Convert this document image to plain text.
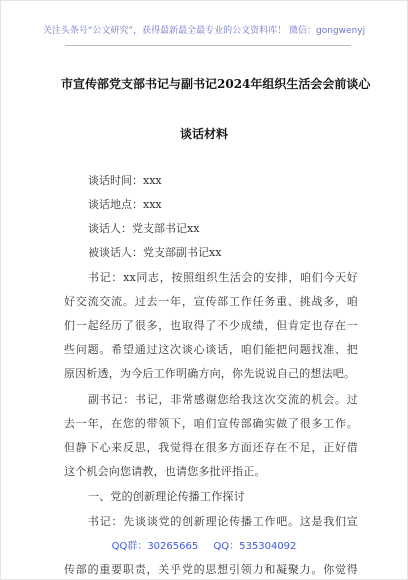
关注头条号“公文研究”，获得最新最全最专业的公文资料库！ 微信：gongwenyj
市宣传部党支部书记与副书记2024年组织生活会会前谈心
谈话材料
谈话时间：xxx
谈话地点：xxx
谈话人：党支部书记xx
被谈话人：党支部副书记xx
书记：xx同志，按照组织生活会的安排，咱们今天好
好交流交流。过去一年，宣传部工作任务重、挑战多，咱
们一起经历了很多，也取得了不少成绩，但肯定也存在一
些问题。希望通过这次谈心谈话，咱们能把问题找准、把
原因析透，为今后工作明确方向，你先说说自己的想法吧。
副书记：书记，非常感谢您给我这次交流的机会。过
去一年，在您的带领下，咱们宣传部确实做了很多工作。
但静下心来反思，我觉得在很多方面还存在不足，正好借
这个机会向您请教，也请您多批评指正。
一、党的创新理论传播工作探讨
书记：先谈谈党的创新理论传播工作吧。这是我们宣
QQ群：30265665 QQ：535304092
传部的重要职责，关乎党的思想引领力和凝聚力。你觉得
